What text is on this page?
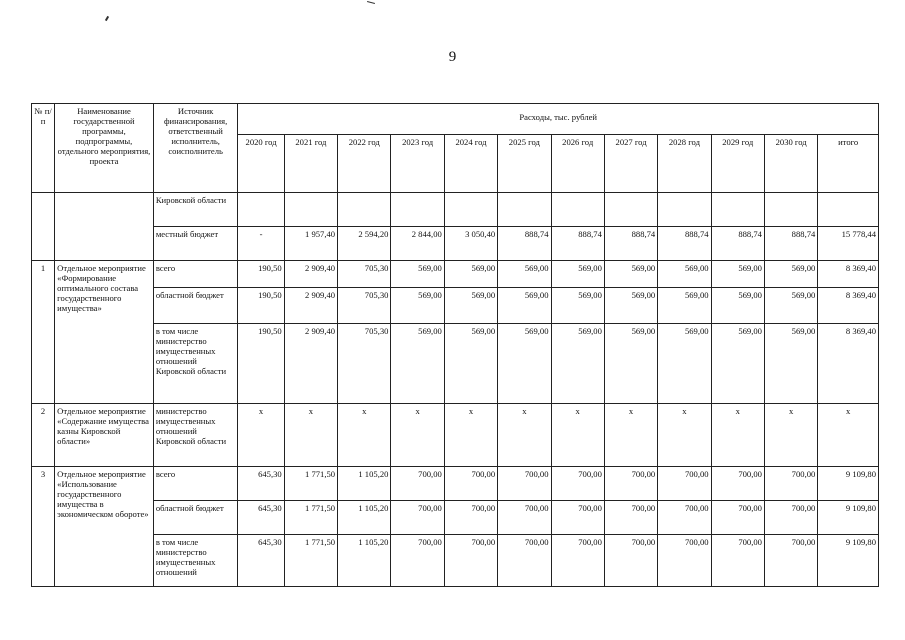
9
№ п/п	Наименование государственной программы, подпрограммы, отдельного мероприятия, проекта	Источник финансирования, ответственный исполнитель, соисполнитель	Расходы, тыс. рублей											
			2020 год	2021 год	2022 год	2023 год	2024 год	2025 год	2026 год	2027 год	2028 год	2029 год	2030 год	итого
		Кировской области												
		местный бюджет	-	1 957,40	2 594,20	2 844,00	3 050,40	888,74	888,74	888,74	888,74	888,74	888,74	15 778,44
1	Отдельное мероприятие «Формирование оптимального состава государственного имущества»	всего	190,50	2 909,40	705,30	569,00	569,00	569,00	569,00	569,00	569,00	569,00	569,00	8 369,40
		областной бюджет	190,50	2 909,40	705,30	569,00	569,00	569,00	569,00	569,00	569,00	569,00	569,00	8 369,40
		в том числе министерство имущественных отношений Кировской области	190,50	2 909,40	705,30	569,00	569,00	569,00	569,00	569,00	569,00	569,00	569,00	8 369,40
2	Отдельное мероприятие «Содержание имущества казны Кировской области»	министерство имущественных отношений Кировской области	x	x	x	x	x	x	x	x	x	x	x	x
3	Отдельное мероприятие «Использование государственного имущества в экономическом обороте»	всего	645,30	1 771,50	1 105,20	700,00	700,00	700,00	700,00	700,00	700,00	700,00	700,00	9 109,80
		областной бюджет	645,30	1 771,50	1 105,20	700,00	700,00	700,00	700,00	700,00	700,00	700,00	700,00	9 109,80
		в том числе министерство имущественных отношений	645,30	1 771,50	1 105,20	700,00	700,00	700,00	700,00	700,00	700,00	700,00	700,00	9 109,80
